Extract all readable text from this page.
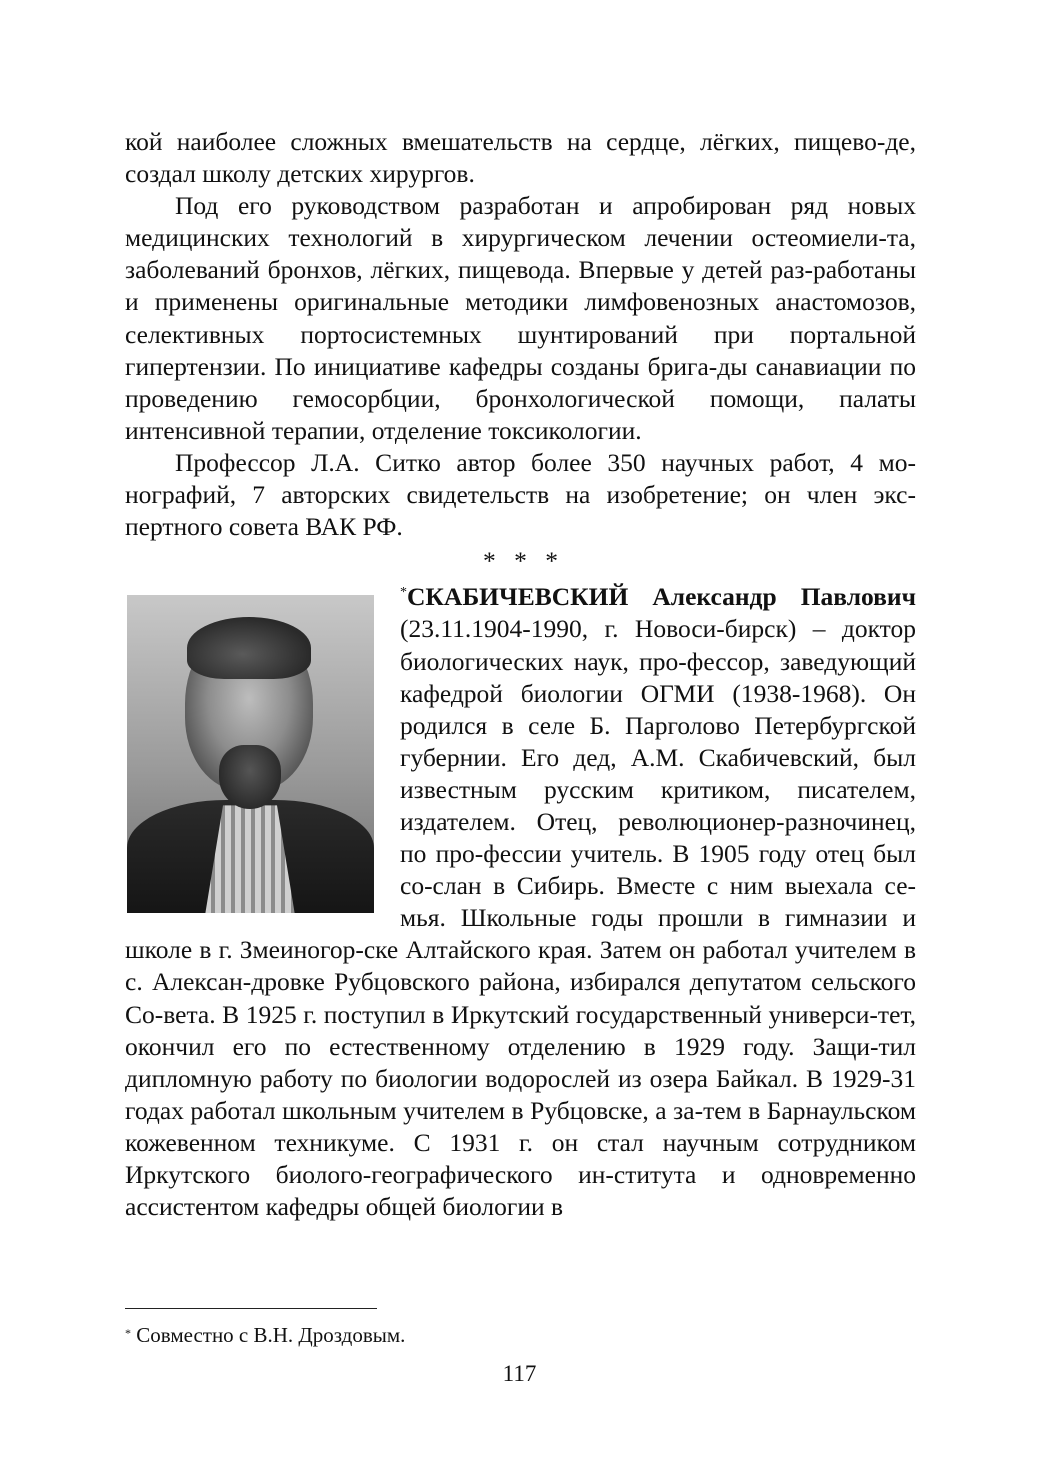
кой наиболее сложных вмешательств на сердце, лёгких, пищево-де, создал школу детских хирургов.

Под его руководством разработан и апробирован ряд новых медицинских технологий в хирургическом лечении остеомиели-та, заболеваний бронхов, лёгких, пищевода. Впервые у детей раз-работаны и применены оригинальные методики лимфовенозных анастомозов, селективных портосистемных шунтирований при портальной гипертензии. По инициативе кафедры созданы брига-ды санавиации по проведению гемосорбции, бронхологической помощи, палаты интенсивной терапии, отделение токсикологии.

Профессор Л.А. Ситко автор более 350 научных работ, 4 мо-нографий, 7 авторских свидетельств на изобретение; он член экс-пертного совета ВАК РФ.

* * *

*СКАБИЧЕВСКИЙ Александр Павлович (23.11.1904-1990, г. Новоси-бирск) – доктор биологических наук, про-фессор, заведующий кафедрой биологии ОГМИ (1938-1968). Он родился в селе Б. Парголово Петербургской губернии. Его дед, А.М. Скабичевский, был известным русским критиком, писателем, издателем. Отец, революционер-разночинец, по про-фессии учитель. В 1905 году отец был со-слан в Сибирь. Вместе с ним выехала се-мья. Школьные годы прошли в гимназии и школе в г. Змеиногор-ске Алтайского края. Затем он работал учителем в с. Алексан-дровке Рубцовского района, избирался депутатом сельского Со-вета. В 1925 г. поступил в Иркутский государственный универси-тет, окончил его по естественному отделению в 1929 году. Защи-тил дипломную работу по биологии водорослей из озера Байкал. В 1929-31 годах работал школьным учителем в Рубцовске, а за-тем в Барнаульском кожевенном техникуме. С 1931 г. он стал научным сотрудником Иркутского биолого-географического ин-ститута и одновременно ассистентом кафедры общей биологии в

* Совместно с В.Н. Дроздовым.
117
